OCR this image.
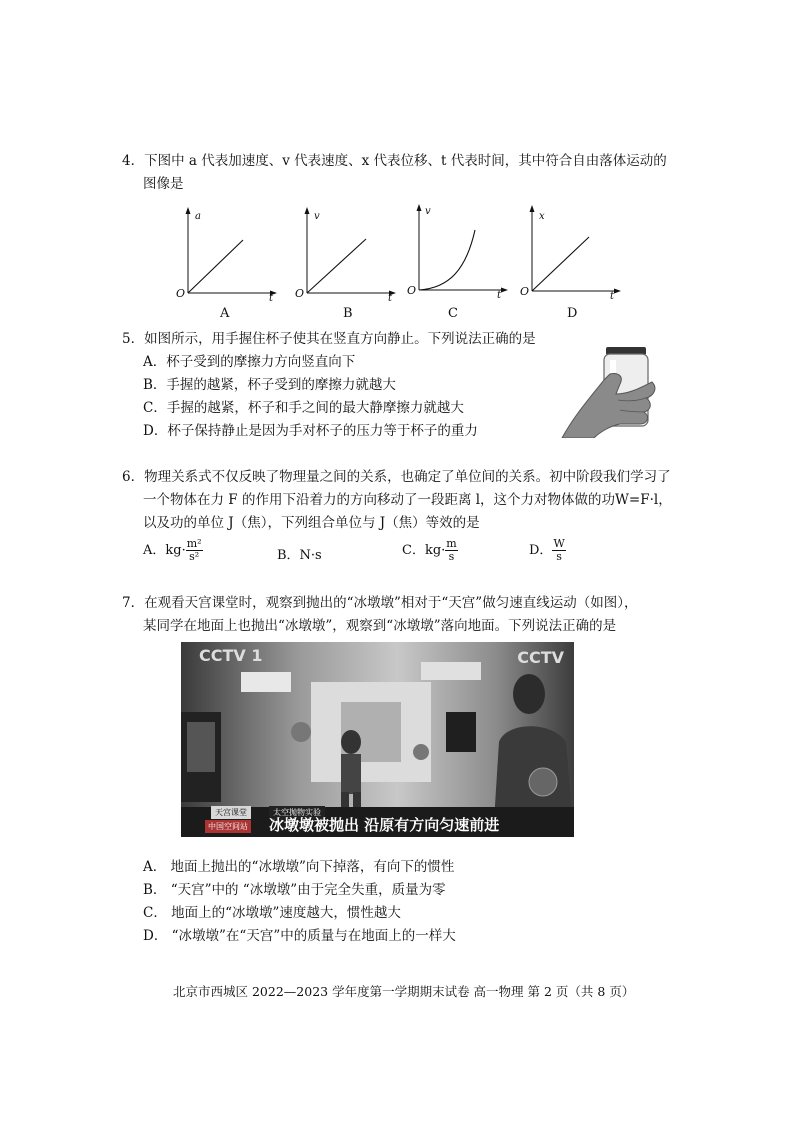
4．下图中 a 代表加速度、v 代表速度、x 代表位移、t 代表时间，其中符合自由落体运动的
图像是
a
O	t
A
v
O	t
B
v
O	t
C
x
O	t
D
5．如图所示，用手握住杯子使其在竖直方向静止。下列说法正确的是
A．杯子受到的摩擦力方向竖直向下
B．手握的越紧，杯子受到的摩擦力就越大
C．手握的越紧，杯子和手之间的最大静摩擦力就越大
D．杯子保持静止是因为手对杯子的压力等于杯子的重力
6．物理关系式不仅反映了物理量之间的关系，也确定了单位间的关系。初中阶段我们学习了
一个物体在力 F 的作用下沿着力的方向移动了一段距离 l，这个力对物体做的功W=F·l，
以及功的单位 J（焦），下列组合单位与 J（焦）等效的是
A．$kg\cdot \frac{\text{m²}}{\text{s²}}$	B．N·s	C．$kg\cdot \frac{m}{s}$	D． $\frac{W}{s}$
7．在观看天宫课堂时，观察到抛出的“冰墩墩”相对于“天宫”做匀速直线运动（如图），
某同学在地面上也抛出“冰墩墩”，观察到“冰墩墩”落向地面。下列说法正确的是
CCTV 1	CCTV
天宫课堂	太空抛物实验
中国空间站 冰墩墩被抛出 沿原有方向匀速前进
A． 地面上抛出的“冰墩墩”向下掉落，有向下的惯性
B． “天宫”中的 “冰墩墩”由于完全失重，质量为零
C． 地面上的“冰墩墩”速度越大，惯性越大
D． “冰墩墩”在“天宫”中的质量与在地面上的一样大
北京市西城区 2022—2023 学年度第一学期期末试卷 高一物理 第 2 页（共 8 页）
